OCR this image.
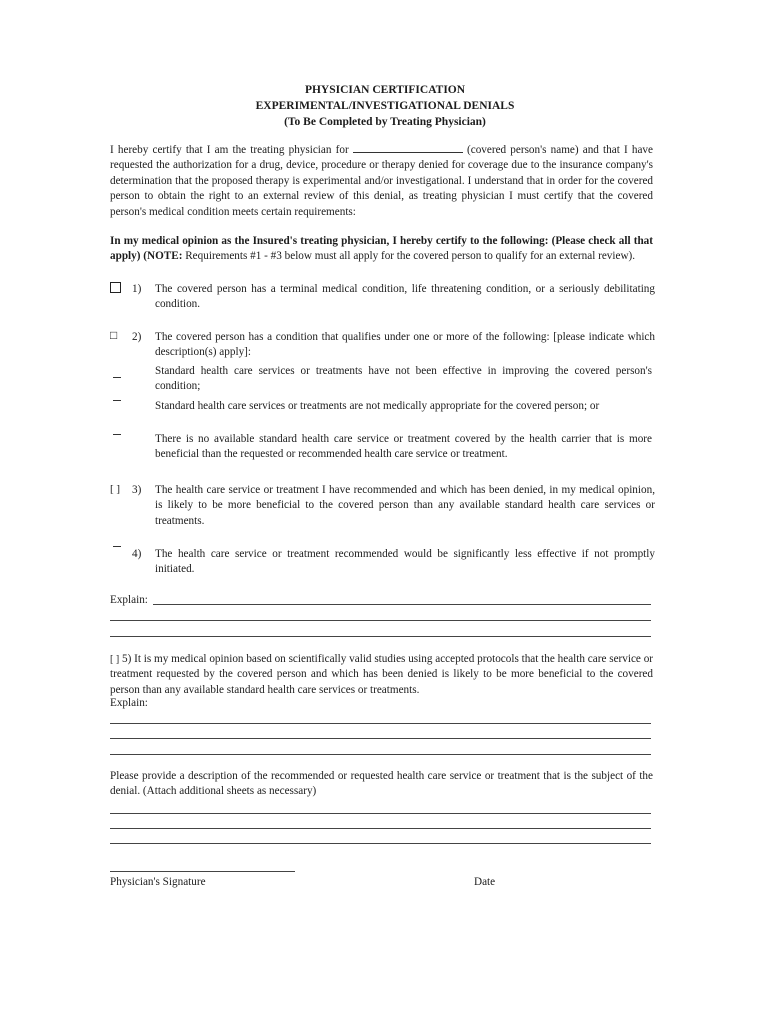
PHYSICIAN CERTIFICATION
EXPERIMENTAL/INVESTIGATIONAL DENIALS
(To Be Completed by Treating Physician)
I hereby certify that I am the treating physician for	(covered person's name) and that I have requested the authorization for a drug, device, procedure or therapy denied for coverage due to the insurance company's determination that the proposed therapy is experimental and/or investigational. I understand that in order for the covered person to obtain the right to an external review of this denial, as treating physician I must certify that the covered person's medical condition meets certain requirements:
In my medical opinion as the Insured's treating physician, I hereby certify to the following: (Please check all that apply) (NOTE: Requirements #1 - #3 below must all apply for the covered person to qualify for an external review).
1) The covered person has a terminal medical condition, life threatening condition, or a seriously debilitating condition.
□ 2) The covered person has a condition that qualifies under one or more of the following: [please indicate which description(s) apply]:
Standard health care services or treatments have not been effective in improving the covered person's condition;
Standard health care services or treatments are not medically appropriate for the covered person; or
There is no available standard health care service or treatment covered by the health carrier that is more beneficial than the requested or recommended health care service or treatment.
[ ] 3) The health care service or treatment I have recommended and which has been denied, in my medical opinion, is likely to be more beneficial to the covered person than any available standard health care services or treatments.
4) The health care service or treatment recommended would be significantly less effective if not promptly initiated.
Explain:
[ ] 5) It is my medical opinion based on scientifically valid studies using accepted protocols that the health care service or treatment requested by the covered person and which has been denied is likely to be more beneficial to the covered person than any available standard health care services or treatments.
Explain:
Please provide a description of the recommended or requested health care service or treatment that is the subject of the denial. (Attach additional sheets as necessary)
Physician's Signature	Date
